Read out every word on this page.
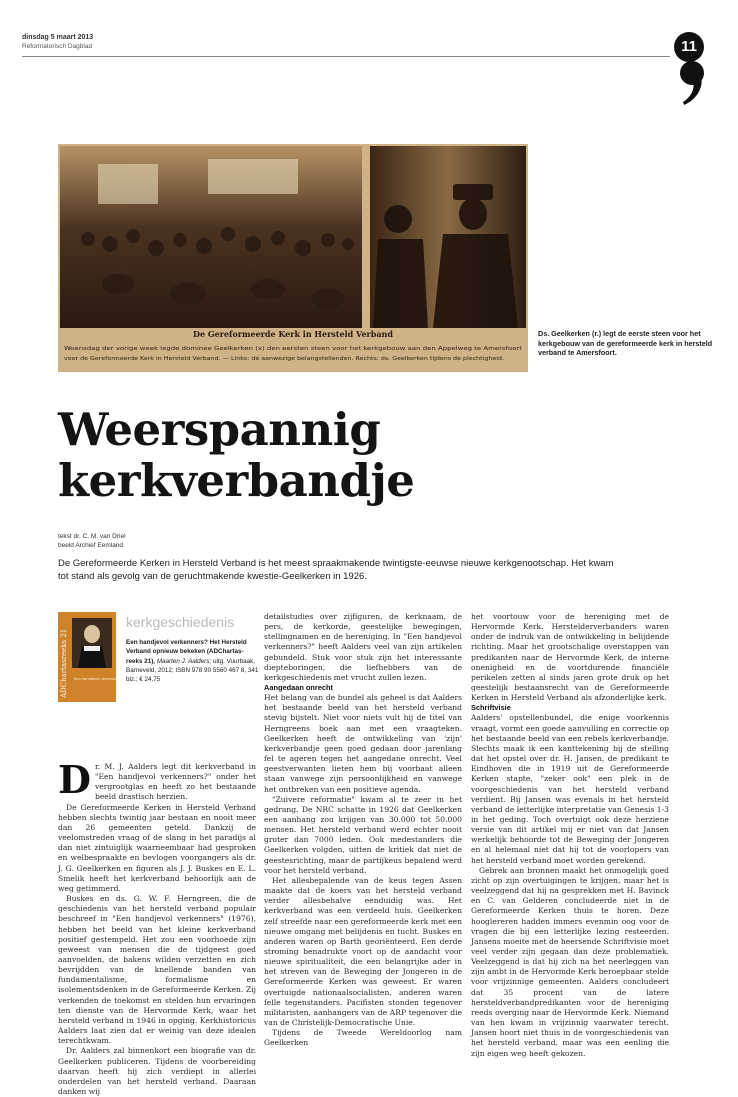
dinsdag 5 maart 2013
Reformatorisch Dagblad	11
De Gereformeerde Kerk in Hersteld Verband
Woensdag der vorige week legde dominee Geelkerken (x) den eersten steen voor het kerkgebouw aan den Appelweg te Amersfoort
voor de Gereformeerde Kerk in Hersteld Verband. — Links: de aanwezige belangstellenden. Rechts: ds. Geelkerken tijdens de plechtigheid.
Ds. Geelkerken (r.) legt de eerste steen voor het kerkgebouw van de gereformeerde kerk in hersteld verband te Amersfoort.
Weerspannig
kerkverbandje
tekst dr. C. M. van Driel
beeld Archief Eemland
De Gereformeerde Kerken in Hersteld Verband is het meest spraakmakende twintigste-eeuwse nieuwe kerkgenootschap. Het kwam tot stand als gevolg van de geruchtmakende kwestie-Geelkerken in 1926.
ADChartasreeks 21 Een handjevol verkenners?
kerkgeschiedenis
Een handjevol verkenners? Het Hersteld Verband opnieuw bekeken (ADChartas-reeks 21), Maarten J. Aalders; uitg. Vuurbaak, Barneveld, 2012; ISBN 978 90 5560 467 8, 341 blz.; € 24,75

Dr. M. J. Aalders legt dit kerkverband in "Een handjevol verkenners?" onder het vergrootglas en heeft zo het bestaande beeld drastisch herzien.

De Gereformeerde Kerken in Hersteld Verband hebben slechts twintig jaar bestaan en nooit meer dan 26 gemeenten geteld. Dankzij de veelomstreden vraag of de slang in het paradijs al dan niet zintuiglijk waarneembaar had gesproken en welbespraakte en bevlogen voorgangers als dr. J. G. Geelkerken en figuren als J. J. Buskes en E. L. Smelik heeft het kerkverband behoorlijk aan de weg getimmerd.

Buskes en ds. G. W. F. Herngreen, die de geschiedenis van het hersteld verband populair beschreef in "Een handjevol verkenners" (1976), hebben het beeld van het kleine kerkverband positief gestempeld. Het zou een voorhoede zijn geweest van mensen die de tijdgeest goed aanvoelden, de bakens wilden verzetten en zich bevrijdden van de knellende banden van fundamentalisme, formalisme en isolementsdenken in de Gereformeerde Kerken. Zij verkenden de toekomst en stelden hun ervaringen ten dienste van de Hervormde Kerk, waar het hersteld verband in 1946 in opging. Kerkhistoricus Aalders laat zien dat er weinig van deze idealen terechtkwam.

Dr. Aalders zal binnenkort een biografie van dr. Geelkerken publiceren. Tijdens de voorbereiding daarvan heeft hij zich verdiept in allerlei onderdelen van het hersteld verband. Daaraan danken wij

detailstudies over zijfiguren, de kerknaam, de pers, de kerkorde, geestelijke bewegingen, stellingnamen en de hereniging. In "Een handjevol verkenners?" heeft Aalders veel van zijn artikelen gebundeld. Stuk voor stuk zijn het interessante diepteboringen, die liefhebbers van de kerkgeschiedenis met vrucht zullen lezen.

Aangedaan onrecht

Het belang van de bundel als geheel is dat Aalders het bestaande beeld van het hersteld verband stevig bijstelt. Niet voor niets vult hij de titel van Herngreens boek aan met een vraagteken. Geelkerken heeft de ontwikkeling van 'zijn' kerkverbandje geen goed gedaan door jarenlang fel te ageren tegen het aangedane onrecht. Veel geestverwanten lieten hem bij voorbaat alleen staan vanwege zijn persoonlijkheid en vanwege het ontbreken van een positieve agenda.

"Zuivere reformatie" kwam al te zeer in het gedrang. De NRC schatte in 1926 dat Geelkerken een aanhang zou krijgen van 30.000 tot 50.000 mensen. Het hersteld verband werd echter nooit groter dan 7000 leden. Ook medestanders die Geelkerken volgden, uitten de kritiek dat niet de geestesrichting, maar de partijkeus bepalend werd voor het hersteld verband.

Het allesbepalende van de keus tegen Assen maakte dat de koers van het hersteld verband verder allesbehalve eenduidig was. Het kerkverband was een verdeeld huis. Geelkerken zelf streefde naar een gereformeerde kerk met een nieuwe omgang met belijdenis en tucht. Buskes en anderen waren op Barth georiënteerd. Een derde stroming benadrukte voort op de aandacht voor nieuwe spiritualiteit, die een belangrijke ader in het streven van de Beweging der Jongeren in de Gereformeerde Kerken was geweest. Er waren overtuigde nationaalsocialisten, anderen waren felle tegenstanders. Pacifisten stonden tegenover militaristen, aanhangers van de ARP tegenover die van de Christelijk-Democratische Unie.

Tijdens de Tweede Wereldoorlog nam Geelkerken

het voortouw voor de hereniging met de Hervormde Kerk. Herstelderverbanders waren onder de indruk van de ontwikkeling in belijdende richting. Maar het grootschalige overstappen van predikanten naar de Hervormde Kerk, de interne onenigheid en de voortdurende financiële perikelen zetten al sinds jaren grote druk op het geestelijk bestaansrecht van de Gereformeerde Kerken in Hersteld Verband als afzonderlijke kerk.

Schriftvisie

Aalders' opstellenbundel, die enige voorkennis vraagt, vormt een goede aanvulling en correctie op het bestaande beeld van een rebels kerkverbandje. Slechts maak ik een kanttekening bij de stelling dat het opstel over dr. H. Jansen, de predikant te Eindhoven die in 1919 uit de Gereformeerde Kerken stapte, "zeker ook" een plek in de voorgeschiedenis van het hersteld verband verdient. Bij Jansen was evenals in het hersteld verband de letterlijke interpretatie van Genesis 1-3 in het geding. Toch overtuigt ook deze herziene versie van dit artikel mij er niet van dat Jansen werkelijk behoorde tot de Beweging der Jongeren en al helemaal niet dat hij tot de voorlopers van het hersteld verband moet worden gerekend.

Gebrek aan bronnen maakt het onmogelijk goed zicht op zijn overtuigingen te krijgen, maar het is veelzeggend dat hij na gesprekken met H. Bavinck en C. van Gelderen concludeerde niet in de Gereformeerde Kerken thuis te horen. Deze hooglereren hadden immers evenmin oog voor de vragen die bij een letterlijke lezing resteerden. Jansens moeite met de heersende Schriftvisie moet veel verder zijn gegaan dan deze problematiek. Veelzeggend is dat hij zich na het neerleggen van zijn ambt in de Hervormde Kerk beroepbaar stelde voor vrijzinnige gemeenten. Aalders concludeert dat 35 procent van de latere hersteldverbandpredikanten voor de hereniging reeds overging naar de Hervormde Kerk. Niemand van hen kwam in vrijzinnig vaarwater terecht. Jansen hoort niet thuis in de voorgeschiedenis van het hersteld verband, maar was een eenling die zijn eigen weg heeft gekozen.
